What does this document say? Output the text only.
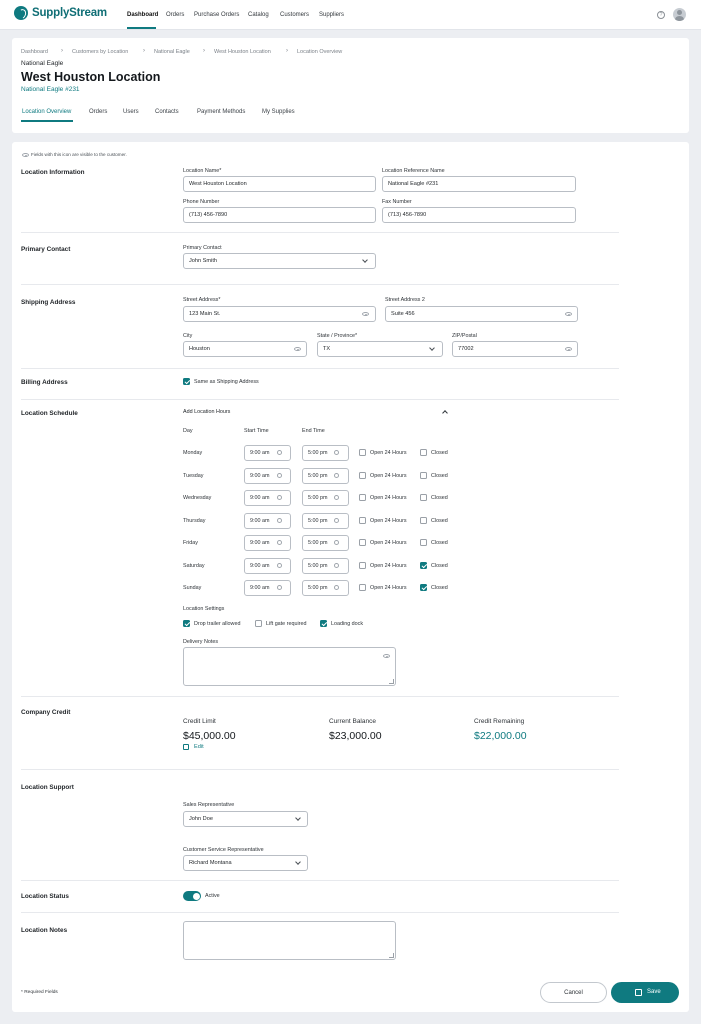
SupplyStream	Dashboard Orders Purchase Orders Catalog Customers Suppliers	?
Dashboard › Customers by Location › National Eagle › West Houston Location	› Location Overview
National Eagle
West Houston Location
National Eagle #231
Location Overview	Orders	Users	Contacts	Payment Methods	My Supplies
Fields with this icon are visible to the customer.
Location Information	Location Name*
West Houston Location
Location Reference Name
National Eagle #231
Phone Number
(713) 456-7890
Fax Number
(713) 456-7890
Primary Contact	Primary Contact
John Smith
Shipping Address	Street Address*
123 Main St.
Street Address 2
Suite 456
City
Houston
State / Province*
TX
ZIP/Postal
77002
Billing Address	Same as Shipping Address
Location Schedule	Add Location Hours
Day	Start Time	End Time
Monday	9:00 am	5:00 pm	Open 24 Hours	Closed
Tuesday	9:00 am	5:00 pm	Open 24 Hours	Closed
Wednesday	9:00 am	5:00 pm	Open 24 Hours	Closed
Thursday	9:00 am	5:00 pm	Open 24 Hours	Closed
Friday	9:00 am	5:00 pm	Open 24 Hours	Closed
Saturday	9:00 am	5:00 pm	Open 24 Hours	Closed
Sunday	9:00 am	5:00 pm	Open 24 Hours	Closed
Location Settings
Drop trailer allowed	Lift gate required	Loading dock
Delivery Notes
Company Credit
Credit Limit
$45,000.00
Current Balance
$23,000.00
Credit Remaining
$22,000.00
Edit
Location Support
Sales Representative
John Doe
Customer Service Representative
Richard Montana
Location Status	Active
Location Notes
* Required Fields	Cancel	Save
